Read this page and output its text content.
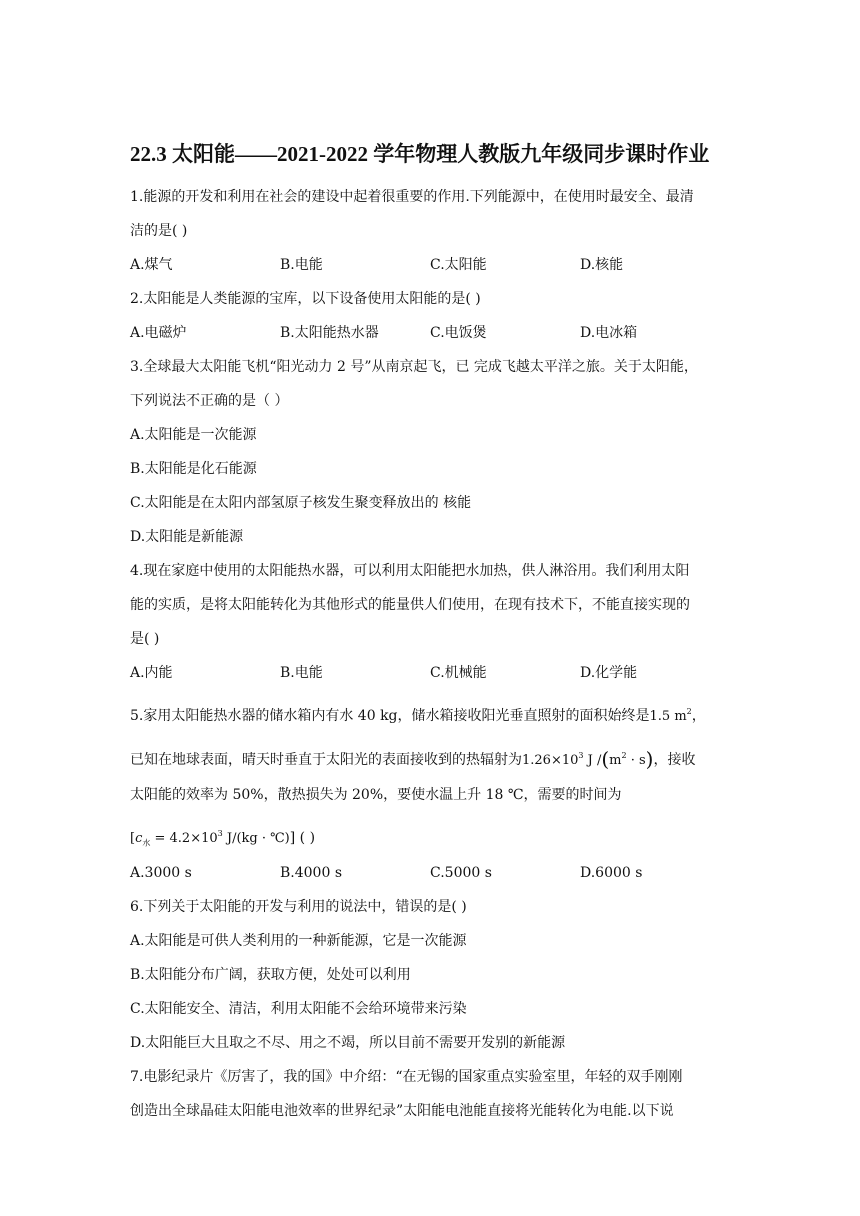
22.3 太阳能——2021-2022 学年物理人教版九年级同步课时作业
1.能源的开发和利用在社会的建设中起着很重要的作用.下列能源中，在使用时最安全、最清
洁的是( )
A.煤气	B.电能	C.太阳能	D.核能
2.太阳能是人类能源的宝库，以下设备使用太阳能的是( )
A.电磁炉	B.太阳能热水器	C.电饭煲	D.电冰箱
3.全球最大太阳能飞机“阳光动力 2 号”从南京起飞，已 完成飞越太平洋之旅。关于太阳能，
下列说法不正确的是（ ）
A.太阳能是一次能源
B.太阳能是化石能源
C.太阳能是在太阳内部氢原子核发生聚变释放出的 核能
D.太阳能是新能源
4.现在家庭中使用的太阳能热水器，可以利用太阳能把水加热，供人淋浴用。我们利用太阳
能的实质，是将太阳能转化为其他形式的能量供人们使用，在现有技术下，不能直接实现的
是( )
A.内能	B.电能	C.机械能	D.化学能
5.家用太阳能热水器的储水箱内有水 40 kg，储水箱接收阳光垂直照射的面积始终是1.5 $m^2$，
已知在地球表面，晴天时垂直于太阳光的表面接收到的热辐射为$1.26\times 10^3$ J $/(m^2 \cdot s)$，接收
太阳能的效率为 50%，散热损失为 20%，要使水温上升 18 ℃，需要的时间为
[$c_水 = 4.2\times 10^3$ J/(kg · ℃)] ( )
A.3000 s	B.4000 s	C.5000 s	D.6000 s
6.下列关于太阳能的开发与利用的说法中，错误的是( )
A.太阳能是可供人类利用的一种新能源，它是一次能源
B.太阳能分布广阔，获取方便，处处可以利用
C.太阳能安全、清洁，利用太阳能不会给环境带来污染
D.太阳能巨大且取之不尽、用之不竭，所以目前不需要开发别的新能源
7.电影纪录片《厉害了，我的国》中介绍：“在无锡的国家重点实验室里，年轻的双手刚刚
创造出全球晶硅太阳能电池效率的世界纪录”太阳能电池能直接将光能转化为电能.以下说
